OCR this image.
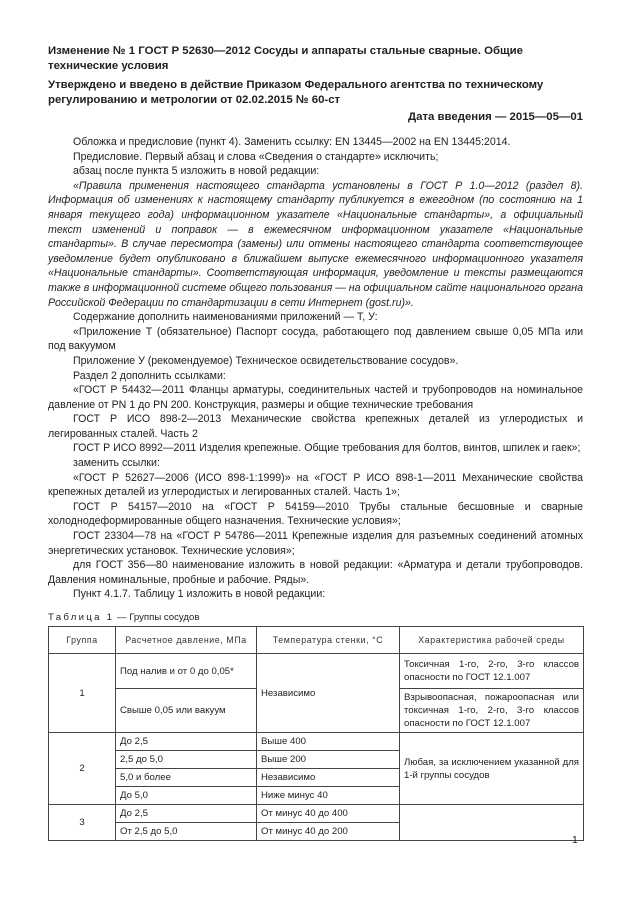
Изменение № 1 ГОСТ Р 52630—2012 Сосуды и аппараты стальные сварные. Общие технические условия

Утверждено и введено в действие Приказом Федерального агентства по техническому регулированию и метрологии от 02.02.2015 № 60-ст

Дата введения — 2015—05—01

Обложка и предисловие (пункт 4). Заменить ссылку: EN 13445—2002 на EN 13445:2014.

Предисловие. Первый абзац и слова «Сведения о стандарте» исключить;

абзац после пункта 5 изложить в новой редакции:

«Правила применения настоящего стандарта установлены в ГОСТ Р 1.0—2012 (раздел 8). Информация об изменениях к настоящему стандарту публикуется в ежегодном (по состоянию на 1 января текущего года) информационном указателе «Национальные стандарты», а официальный текст изменений и поправок — в ежемесячном информационном указателе «Национальные стандарты». В случае пересмотра (замены) или отмены настоящего стандарта соответствующее уведомление будет опубликовано в ближайшем выпуске ежемесячного информационного указателя «Национальные стандарты». Соответствующая информация, уведомление и тексты размещаются также в информационной системе общего пользования — на официальном сайте национального органа Российской Федерации по стандартизации в сети Интернет (gost.ru)».

Содержание дополнить наименованиями приложений — Т, У:

«Приложение Т (обязательное) Паспорт сосуда, работающего под давлением свыше 0,05 МПа или под вакуумом

Приложение У (рекомендуемое) Техническое освидетельствование сосудов».

Раздел 2 дополнить ссылками:

«ГОСТ Р 54432—2011 Фланцы арматуры, соединительных частей и трубопроводов на номинальное давление от PN 1 до PN 200. Конструкция, размеры и общие технические требования

ГОСТ Р ИСО 898-2—2013 Механические свойства крепежных деталей из углеродистых и легированных сталей. Часть 2

ГОСТ Р ИСО 8992—2011 Изделия крепежные. Общие требования для болтов, винтов, шпилек и гаек»;

заменить ссылки:

«ГОСТ Р 52627—2006 (ИСО 898-1:1999)» на «ГОСТ Р ИСО 898-1—2011 Механические свойства крепежных деталей из углеродистых и легированных сталей. Часть 1»;

ГОСТ Р 54157—2010 на «ГОСТ Р 54159—2010 Трубы стальные бесшовные и сварные холоднодеформированные общего назначения. Технические условия»;

ГОСТ 23304—78 на «ГОСТ Р 54786—2011 Крепежные изделия для разъемных соединений атомных энергетических установок. Технические условия»;

для ГОСТ 356—80 наименование изложить в новой редакции: «Арматура и детали трубопроводов. Давления номинальные, пробные и рабочие. Ряды».

Пункт 4.1.7. Таблицу 1 изложить в новой редакции:

Таблица 1 — Группы сосудов
Группа	Расчетное давление, МПа	Температура стенки, °С	Характеристика рабочей среды
1	Под налив и от 0 до 0,05*	Независимо	Токсичная 1-го, 2-го, 3-го классов опасности по ГОСТ 12.1.007
	Свыше 0,05 или вакуум		Взрывоопасная, пожароопасная или токсичная 1-го, 2-го, 3-го классов опасности по ГОСТ 12.1.007
2	До 2,5	Выше 400	Любая, за исключением указанной для 1-й группы сосудов
	2,5 до 5,0	Выше 200	
	5,0 и более	Независимо	
	До 5,0	Ниже минус 40	
3	До 2,5	От минус 40 до 400	
	От 2,5 до 5,0	От минус 40 до 200	
1
